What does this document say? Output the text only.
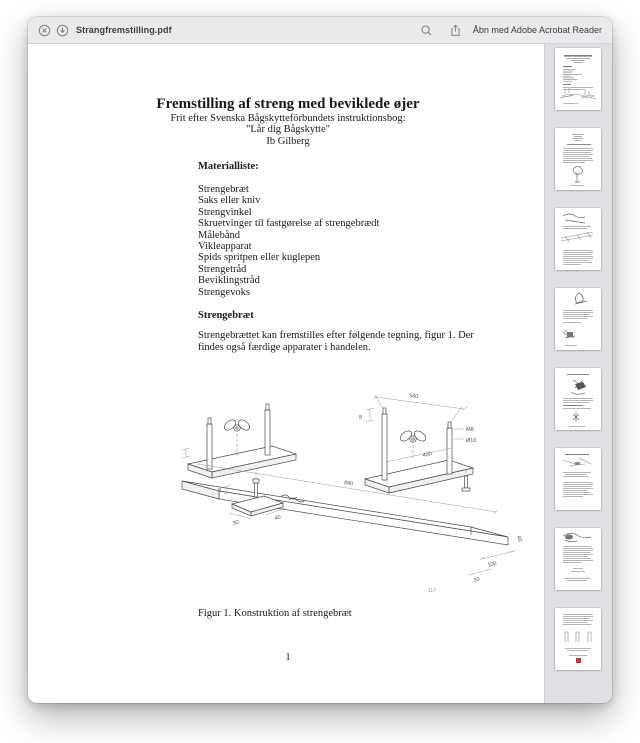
Strangfremstilling.pdf	Åbn med Adobe Acrobat Reader
Fremstilling af streng med beviklede øjer
Frit efter Svenska Bågskytteförbundets instruktionsbog:
"Lår dig Bågskytte"
Ib Gilberg
Materialliste:
Strengebræt
Saks eller kniv
Strengvinkel
Skruetvinger til fastgørelse af strengebrædt
Målebånd
Vikleapparat
Spids spritpen eller kuglepen
Strengetråd
Beviklingstråd
Strengevoks
Strengebræt
Strengebrættet kan fremstilles efter følgende tegning, figur 1. Der
findes også færdige apparater i handelen.
8
30
40
580
8
400
M8
Ø10
890
100
30
40
117
Figur 1. Konstruktion af strengebræt
1
